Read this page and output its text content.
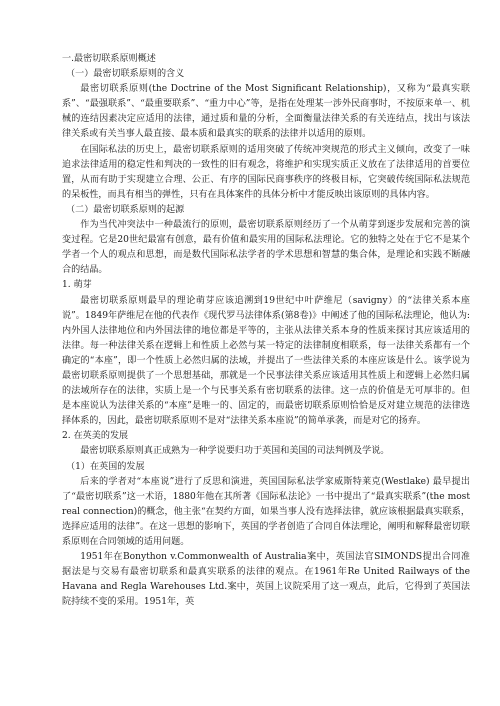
一.最密切联系原则概述

（一）最密切联系原则的含义

最密切联系原则(the Doctrine of the Most Significant Relationship)，又称为“最真实联系”、“最强联系”、“最重要联系”、“重力中心”等，是指在处理某一涉外民商事时，不按原来单一、机械的连结因素决定应适用的法律，通过质和量的分析，全面衡量法律关系的有关连结点，找出与该法律关系或有关当事人最直接、最本质和最真实的联系的法律并以适用的原则。

在国际私法的历史上，最密切联系原则的适用突破了传统冲突规范的形式主义倾向，改变了一味追求法律适用的稳定性和判决的一致性的旧有观念，将维护和实现实质正义放在了法律适用的首要位置，从而有助于实现建立合理、公正、有序的国际民商事秩序的终极目标，它突破传统国际私法规范的呆板性，而具有相当的弹性，只有在具体案件的具体分析中才能反映出该原则的具体内容。

（二）最密切联系原则的起源

作为当代冲突法中一种最流行的原则，最密切联系原则经历了一个从萌芽到逐步发展和完善的演变过程。它是20世纪最富有创意，最有价值和最实用的国际私法理论。它的独特之处在于它不是某个学者一个人的观点和思想，而是数代国际私法学者的学术思想和智慧的集合体，是理论和实践不断融合的结晶。

1. 萌芽

最密切联系原则最早的理论萌芽应该追溯到19世纪中叶萨维尼（savigny）的“法律关系本座说”。1849年萨维尼在他的代表作《现代罗马法律体系(第8卷)》中阐述了他的国际私法理论，他认为:内外国人法律地位和内外国法律的地位都是平等的，主张从法律关系本身的性质来探讨其应该适用的法律。每一种法律关系在逻辑上和性质上必然与某一特定的法律制度相联系，每一法律关系都有一个确定的“本座”，即一个性质上必然归属的法域，并提出了一些法律关系的本座应该是什么。该学说为最密切联系原则提供了一个思想基础，那就是一个民事法律关系应该适用其性质上和逻辑上必然归属的法域所存在的法律，实质上是一个与民事关系有密切联系的法律。这一点的价值是无可厚非的。但是本座说认为法律关系的“本座”是唯一的、固定的，而最密切联系原则恰恰是反对建立规范的法律选择体系的，因此，最密切联系原则不是对“法律关系本座说”的简单承袭，而是对它的扬弃。

2. 在英美的发展

最密切联系原则真正成熟为一种学说要归功于英国和美国的司法判例及学说。

（1）在英国的发展

后来的学者对“本座说”进行了反思和演进，英国国际私法学家威斯特莱克(Westlake) 最早提出了“最密切联系”这一术语，1880年他在其所著《国际私法论》一书中提出了“最真实联系”(the most real connection)的概念，他主张“在契约方面，如果当事人没有选择法律，就应该根据最真实联系，选择应适用的法律”。在这一思想的影响下，英国的学者创造了合同自体法理论，阐明和解释最密切联系原则在合同领域的适用问题。

1951年在Bonython v.Commonwealth of Australia案中，英国法官SIMONDS提出合同准据法是与交易有最密切联系和最真实联系的法律的观点。在1961年Re United Railways of the Havana and Regla Warehouses Ltd.案中，英国上议院采用了这一观点，此后，它得到了英国法院持续不变的采用。1951年，英
